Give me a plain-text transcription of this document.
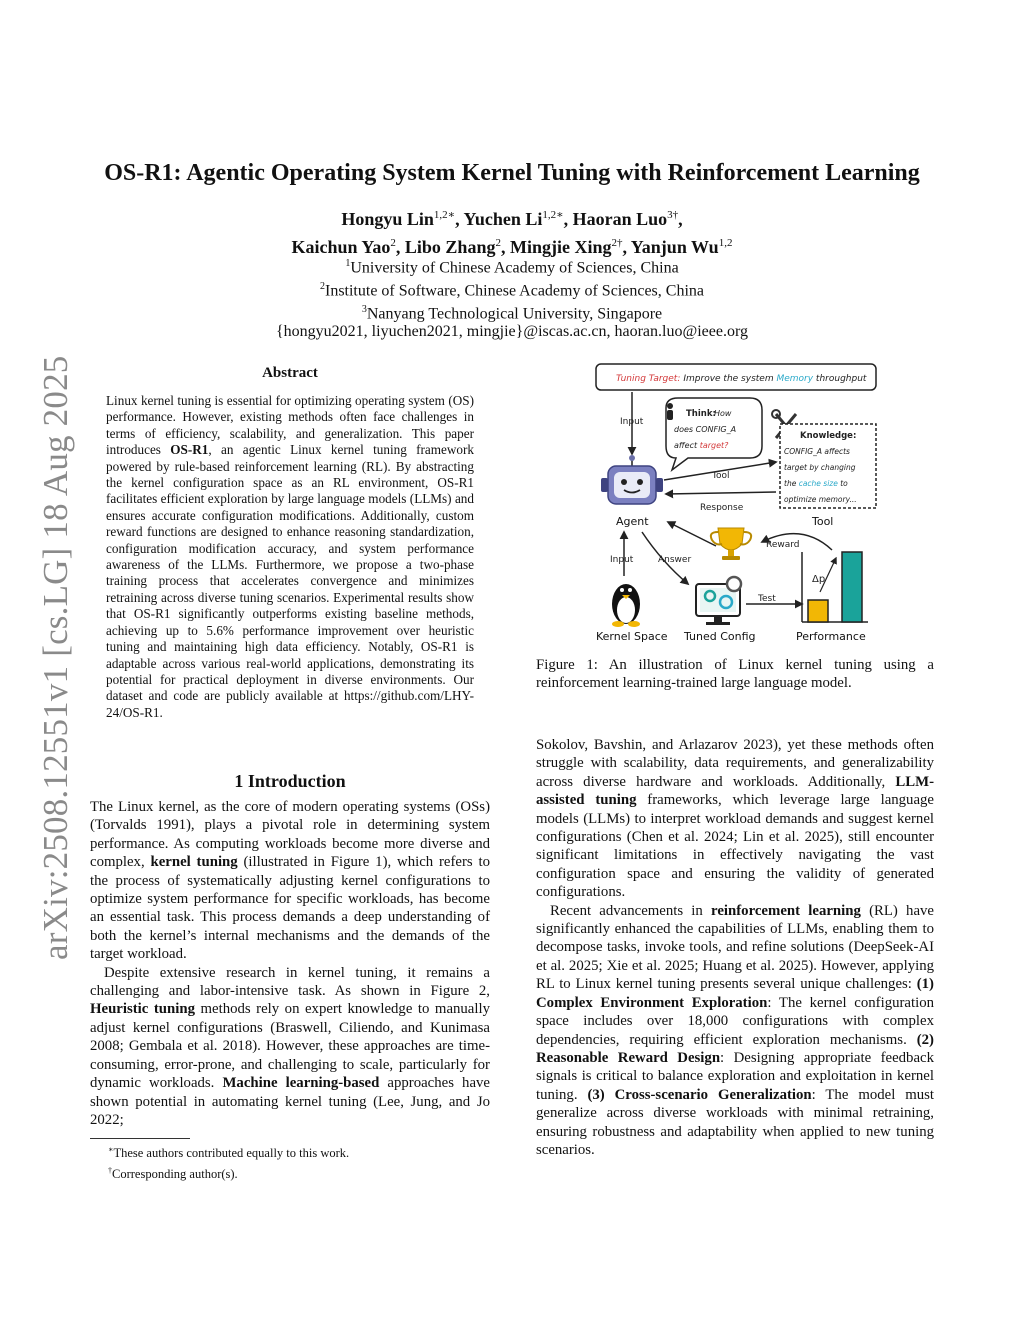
arXiv:2508.12551v1 [cs.LG] 18 Aug 2025
OS-R1: Agentic Operating System Kernel Tuning with Reinforcement Learning
Hongyu Lin$^{1,2∗}$, Yuchen $Li^{1,2∗}$, Haoran Luo$^{3\dagger}$,
Kaichun Yao$^2$, Libo Zhang$^2$, Mingjie Xing$^{2\dagger}$, Yanjun Wu$^{1,2}$
$^1$University of Chinese Academy of Sciences, China
$^2$Institute of Software, Chinese Academy of Sciences, China
$^3$Nanyang Technological University, Singapore
{hongyu2021, liyuchen2021, mingjie}@iscas.ac.cn, haoran.luo@ieee.org
Abstract
Linux kernel tuning is essential for optimizing operating system (OS) performance. However, existing methods often face challenges in terms of efficiency, scalability, and generalization. This paper introduces OS-R1, an agentic Linux kernel tuning framework powered by rule-based reinforcement learning (RL). By abstracting the kernel configuration space as an RL environment, OS-R1 facilitates efficient exploration by large language models (LLMs) and ensures accurate configuration modifications. Additionally, custom reward functions are designed to enhance reasoning standardization, configuration modification accuracy, and system performance awareness of the LLMs. Furthermore, we propose a two-phase training process that accelerates convergence and minimizes retraining across diverse tuning scenarios. Experimental results show that OS-R1 significantly outperforms existing baseline methods, achieving up to 5.6% performance improvement over heuristic tuning and maintaining high data efficiency. Notably, OS-R1 is adaptable across various real-world applications, demonstrating its potential for practical deployment in diverse environments. Our dataset and code are publicly available at https://github.com/LHY-24/OS-R1.
1 Introduction

The Linux kernel, as the core of modern operating systems (OSs) (Torvalds 1991), plays a pivotal role in determining system performance. As computing workloads become more diverse and complex, kernel tuning (illustrated in Figure 1), which refers to the process of systematically adjusting kernel configurations to optimize system performance for specific workloads, has become an essential task. This process demands a deep understanding of both the kernel’s internal mechanisms and the demands of the target workload.

Despite extensive research in kernel tuning, it remains a challenging and labor-intensive task. As shown in Figure 2, Heuristic tuning methods rely on expert knowledge to manually adjust kernel configurations (Braswell, Ciliendo, and Kunimasa 2008; Gembala et al. 2018). However, these approaches are time-consuming, error-prone, and challenging to scale, particularly for dynamic workloads. Machine learning-based approaches have shown potential in automating kernel tuning (Lee, Jung, and Jo 2022;

∗These authors contributed equally to this work.
†Corresponding author(s).
Tuning Target: Improve the system Memory throughput
Input
Think:
How
does CONFIG_A
affect target?
Agent
Knowledge:
CONFIG_A affects
target by changing
the cache size to
optimize memory...
Tool
Tool
Response
Reward
Input	Answer
Kernel Space Tuned Config
Test
Δp
Performance
Figure 1: An illustration of Linux kernel tuning using a reinforcement learning-trained large language model.

Sokolov, Bavshin, and Arlazarov 2023), yet these methods often struggle with scalability, data requirements, and generalizability across diverse hardware and workloads. Additionally, LLM-assisted tuning frameworks, which leverage large language models (LLMs) to interpret workload demands and suggest kernel configurations (Chen et al. 2024; Lin et al. 2025), still encounter significant limitations in effectively navigating the vast configuration space and ensuring the validity of generated configurations.

Recent advancements in reinforcement learning (RL) have significantly enhanced the capabilities of LLMs, enabling them to decompose tasks, invoke tools, and refine solutions (DeepSeek-AI et al. 2025; Xie et al. 2025; Huang et al. 2025). However, applying RL to Linux kernel tuning presents several unique challenges: (1) Complex Environment Exploration: The kernel configuration space includes over 18,000 configurations with complex dependencies, requiring efficient exploration mechanisms. (2) Reasonable Reward Design: Designing appropriate feedback signals is critical to balance exploration and exploitation in kernel tuning. (3) Cross-scenario Generalization: The model must generalize across diverse workloads with minimal retraining, ensuring robustness and adaptability when applied to new tuning scenarios.
